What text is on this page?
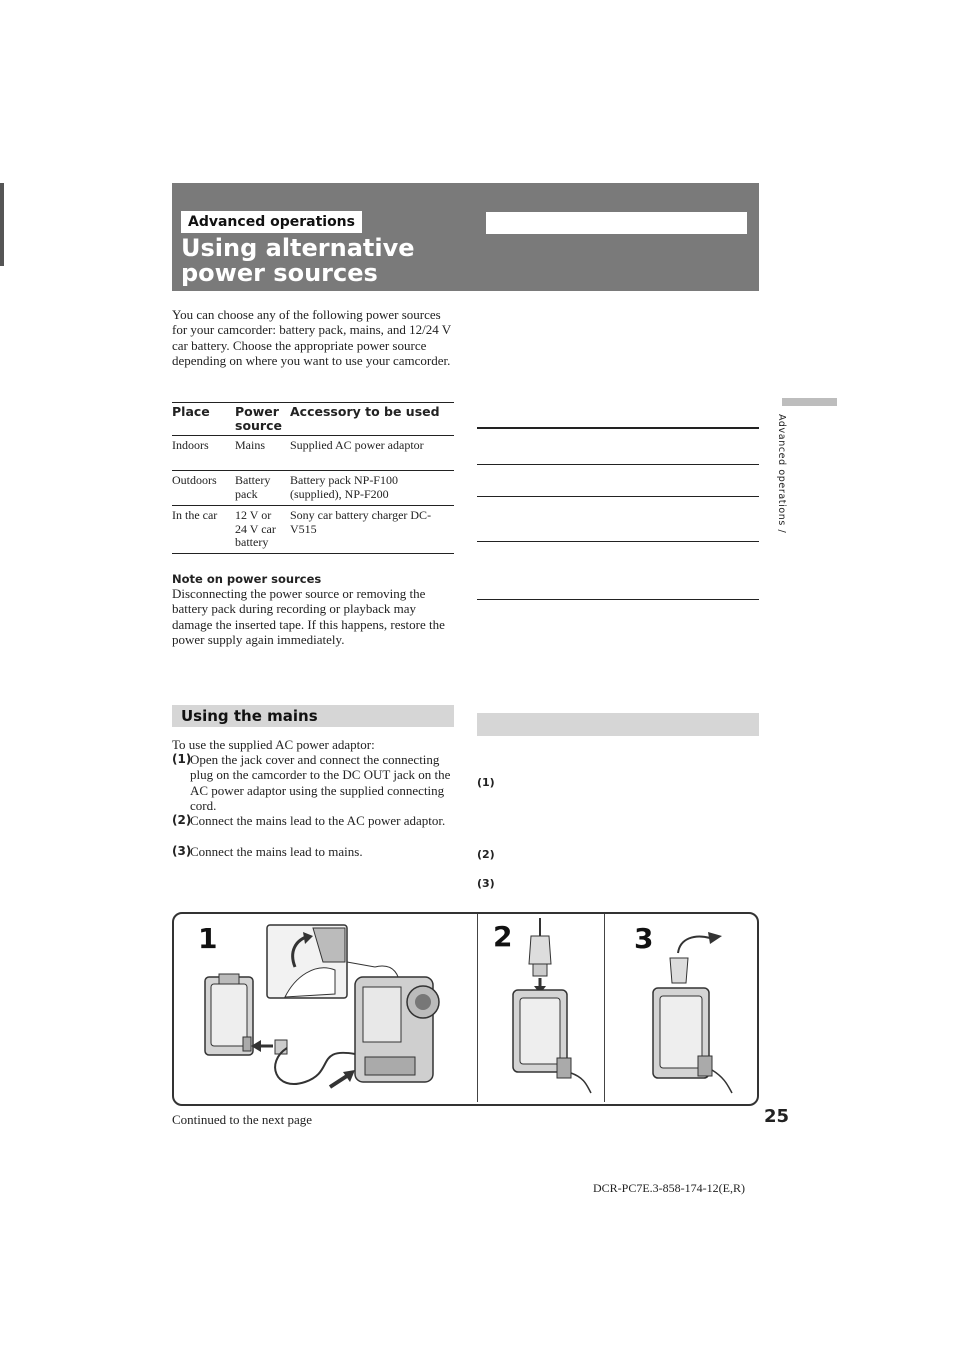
Advanced operations
Using alternative power sources
You can choose any of the following power sources for your camcorder: battery pack, mains, and 12/24 V car battery. Choose the appropriate power source depending on where you want to use your camcorder.
Place	Power source	Accessory to be used
Indoors	Mains	Supplied AC power adaptor
Outdoors	Battery pack	Battery pack NP-F100 (supplied), NP-F200
In the car	12 V or 24 V car battery	Sony car battery charger DC-V515
Note on power sources
Disconnecting the power source or removing the battery pack during recording or playback may damage the inserted tape. If this happens, restore the power supply again immediately.
Using the mains
To use the supplied AC power adaptor:
(1)
Open the jack cover and connect the connecting plug on the camcorder to the DC OUT jack on the AC power adaptor using the supplied connecting cord.
(2)
Connect the mains lead to the AC power adaptor.
(3)
Connect the mains lead to mains.
(1)
(2)
(3)
Advanced operations /
1	2	3
Continued to the next page	25
DCR-PC7E.3-858-174-12(E,R)
